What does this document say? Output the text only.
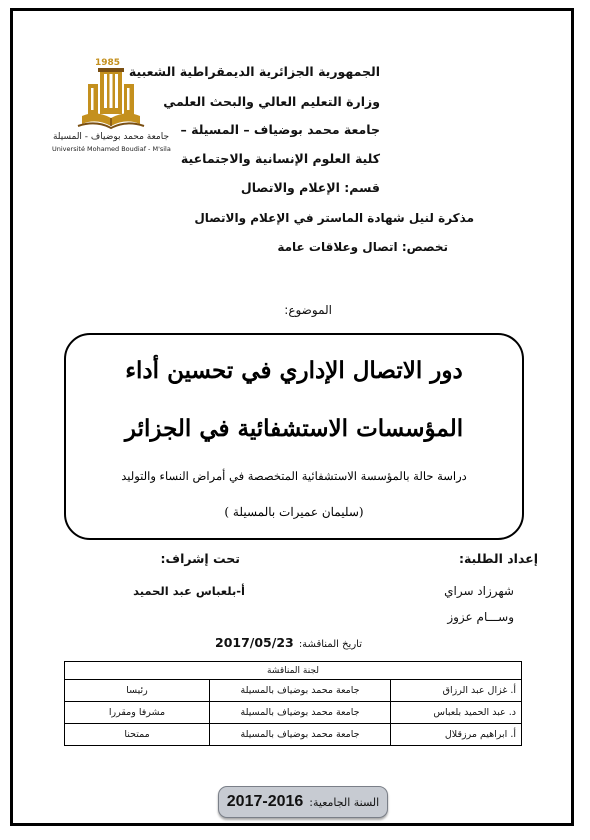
الجمهورية الجزائرية الديمقراطية الشعبية
وزارة التعليم العالي والبحث العلمي
جامعة محمد بوضياف – المسيلة –
كلية العلوم الإنسانية والاجتماعية
قسم: الإعلام والاتصال
1985
جامعة محمد بوضياف - المسيلة
Université Mohamed Boudiaf - M'sila
مذكرة لنيل شهادة الماستر في الإعلام والاتصال
تخصص: اتصال وعلاقات عامة
الموضوع:
دور الاتصال الإداري في تحسين أداء
المؤسسات الاستشفائية في الجزائر
دراسة حالة بالمؤسسة الاستشفائية المتخصصة في أمراض النساء والتوليد
(سليمان عميرات بالمسيلة )
إعداد الطلبة:
شهرزاد سراي
وســـام عزوز
تحت إشراف:
أ-بلعباس عبد الحميد
تاريخ المناقشة: 2017/05/23
لجنة المناقشة		
أ. غزال عبد الرزاق	جامعة محمد بوضياف بالمسيلة	رئيسا
د. عبد الحميد بلعباس	جامعة محمد بوضياف بالمسيلة	مشرفا ومقررا
أ. ابراهيم مرزقلال	جامعة محمد بوضياف بالمسيلة	ممتحنا
السنة الجامعية:
2017-2016
